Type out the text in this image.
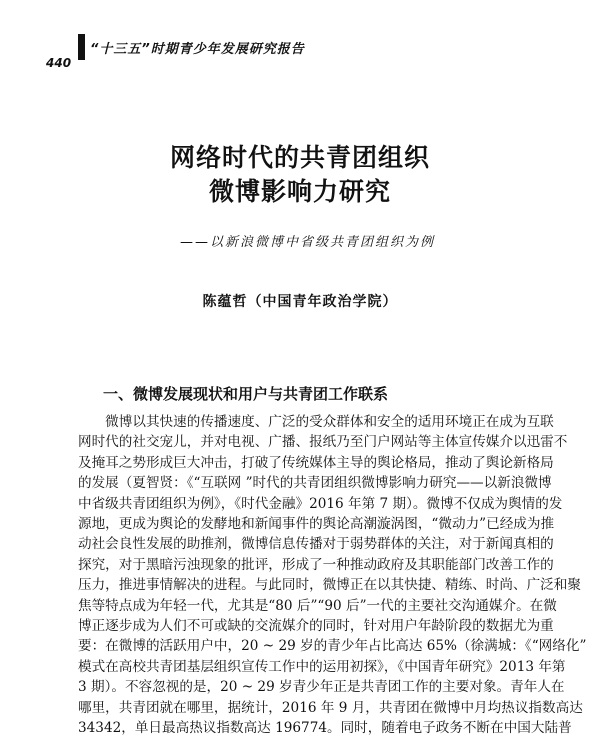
“十三五”时期青少年发展研究报告
440
网络时代的共青团组织
微博影响力研究
——以新浪微博中省级共青团组织为例
陈蕴哲（中国青年政治学院）
一、微博发展现状和用户与共青团工作联系
　　微博以其快速的传播速度、广泛的受众群体和安全的适用环境正在成为互联
网时代的社交宠儿，并对电视、广播、报纸乃至门户网站等主体宣传媒介以迅雷不
及掩耳之势形成巨大冲击，打破了传统媒体主导的舆论格局，推动了舆论新格局
的发展（夏智贤：《“互联网 ”时代的共青团组织微博影响力研究——以新浪微博
中省级共青团组织为例》，《时代金融》2016 年第 7 期）。微博不仅成为舆情的发
源地，更成为舆论的发酵地和新闻事件的舆论高潮漩涡图，“微动力”已经成为推
动社会良性发展的助推剂，微博信息传播对于弱势群体的关注，对于新闻真相的
探究，对于黑暗污浊现象的批评，形成了一种推动政府及其职能部门改善工作的
压力，推进事情解决的进程。与此同时，微博正在以其快捷、精练、时尚、广泛和聚
焦等特点成为年轻一代，尤其是“80 后”“90 后”一代的主要社交沟通媒介。在微
博正逐步成为人们不可或缺的交流媒介的同时，针对用户年龄阶段的数据尤为重
要：在微博的活跃用户中，20 ~ 29 岁的青少年占比高达 65%（徐满城：《“网络化”
模式在高校共青团基层组织宣传工作中的运用初探》，《中国青年研究》2013 年第
3 期）。不容忽视的是，20 ~ 29 岁青少年正是共青团工作的主要对象。青年人在
哪里，共青团就在哪里，据统计，2016 年 9 月，共青团在微博中月均热议指数高达
34342，单日最高热议指数高达 196774。同时，随着电子政务不断在中国大陆普
